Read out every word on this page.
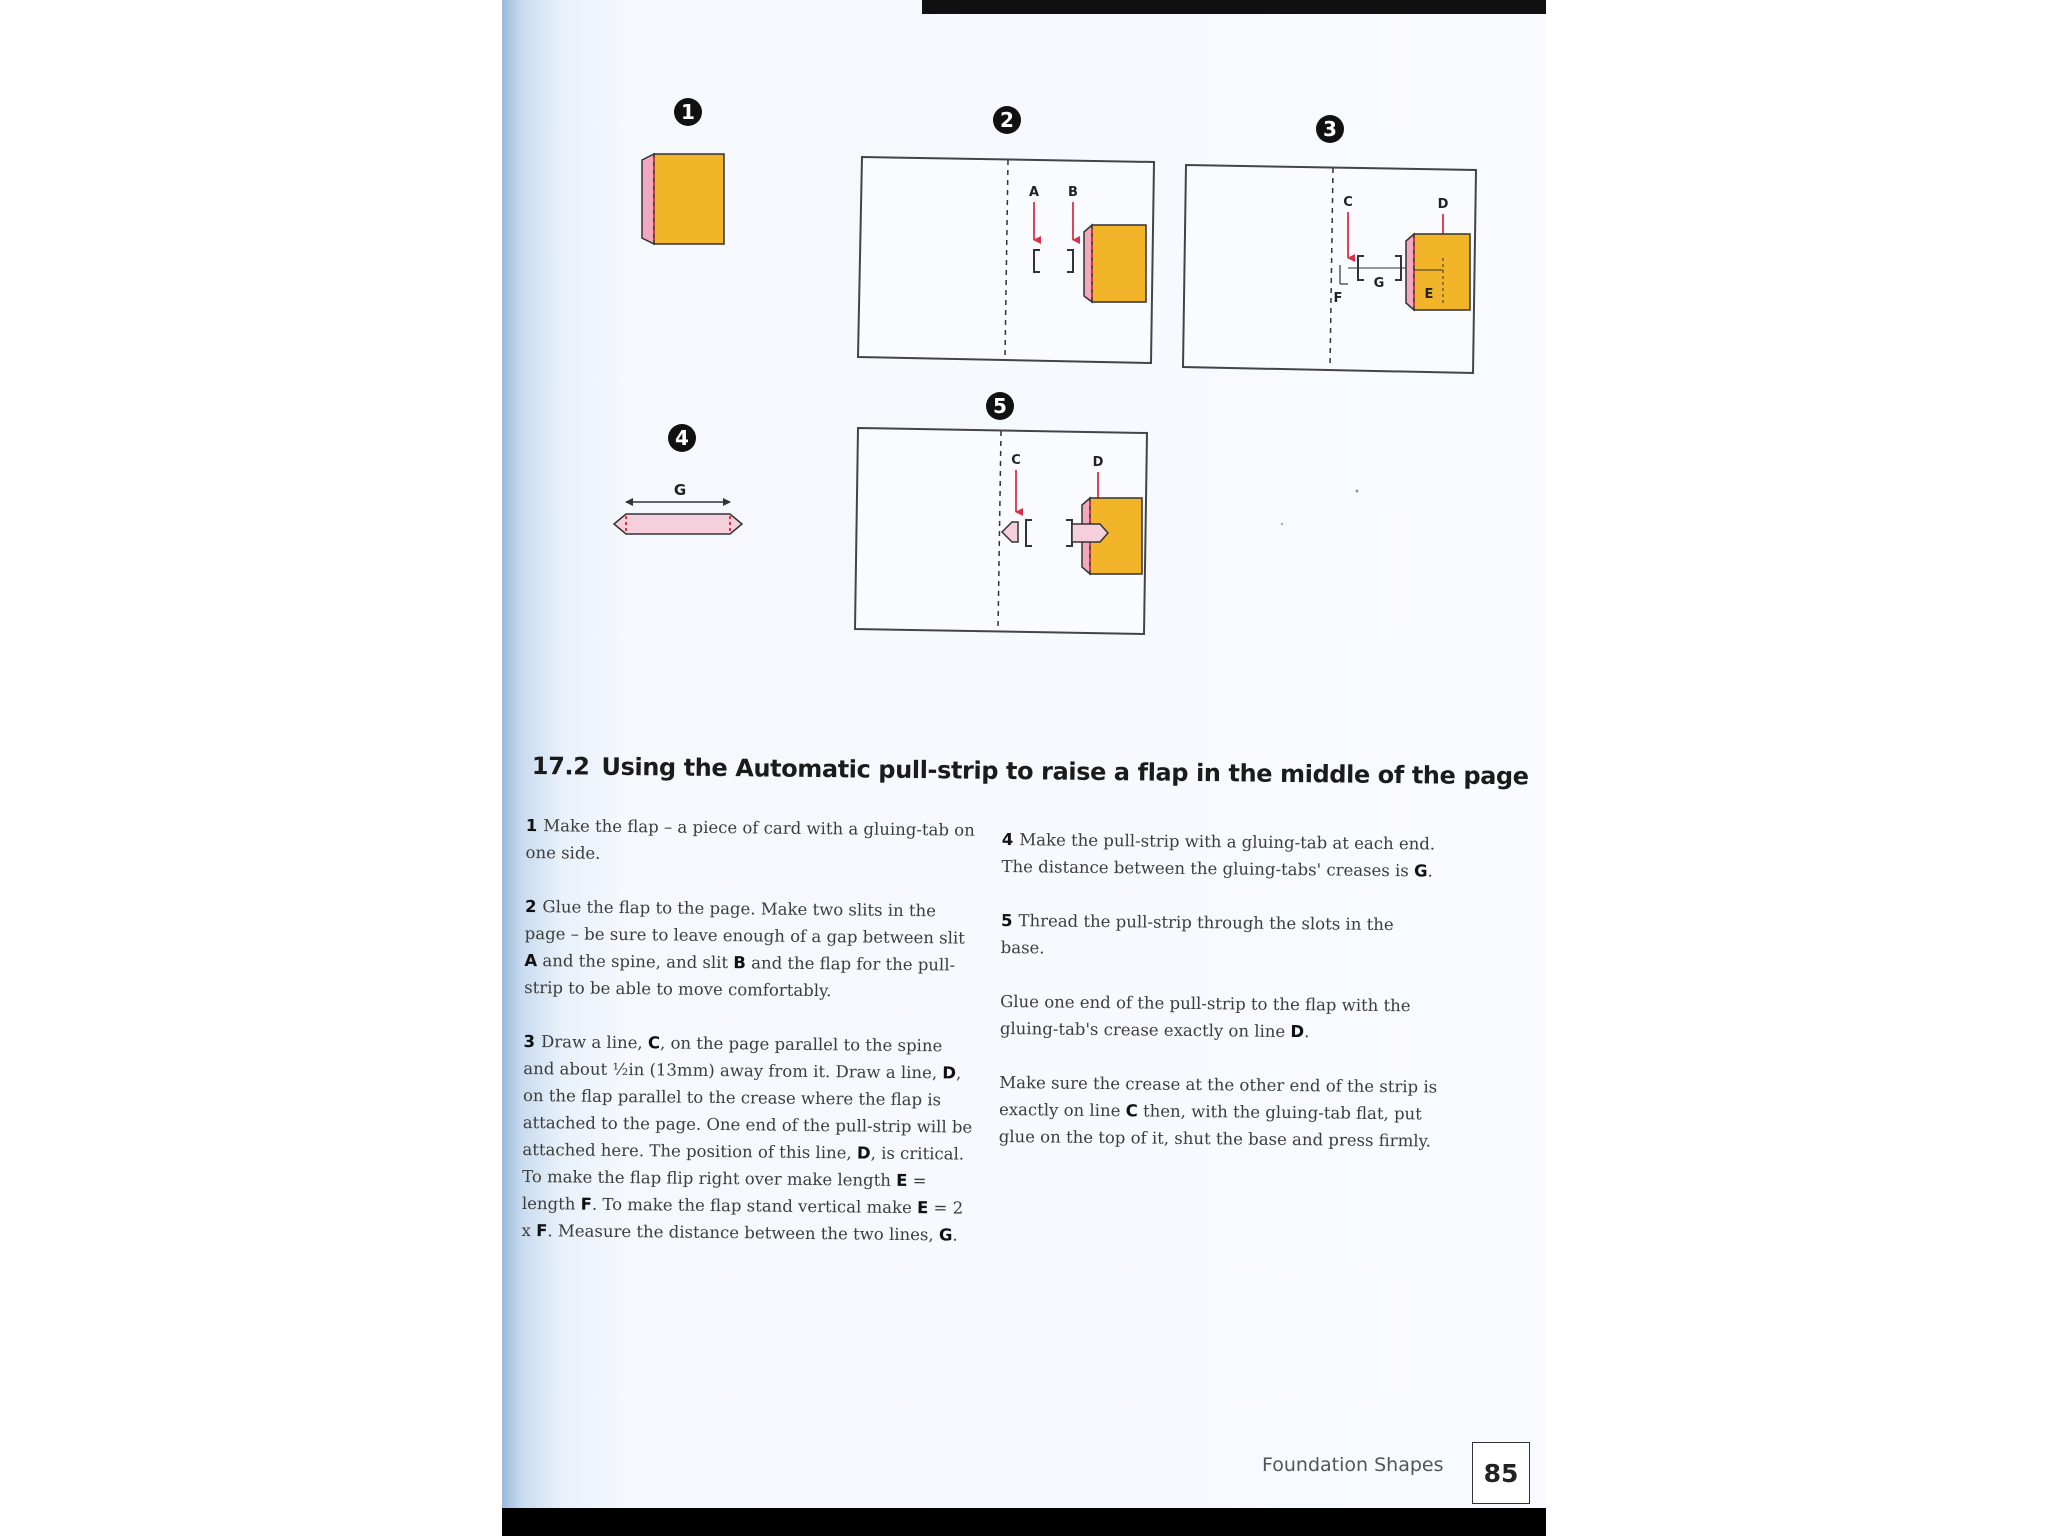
1	2
A B
3
C	D
F
G
E
4
G
5
C	D
17.2 Using the Automatic pull-strip to raise a flap in the middle of the page

1 Make the flap – a piece of card with a gluing-tab on one side.

2 Glue the flap to the page. Make two slits in the page – be sure to leave enough of a gap between slit A and the spine, and slit B and the flap for the pull-strip to be able to move comfortably.

3 Draw a line, C, on the page parallel to the spine and about ½in (13mm) away from it. Draw a line, D, on the flap parallel to the crease where the flap is attached to the page. One end of the pull-strip will be attached here. The position of this line, D, is critical. To make the flap flip right over make length E = length F. To make the flap stand vertical make E = 2 x F. Measure the distance between the two lines, G.

4 Make the pull-strip with a gluing-tab at each end. The distance between the gluing-tabs' creases is G.

5 Thread the pull-strip through the slots in the base.

Glue one end of the pull-strip to the flap with the gluing-tab's crease exactly on line D.

Make sure the crease at the other end of the strip is exactly on line C then, with the gluing-tab flat, put glue on the top of it, shut the base and press firmly.

Foundation Shapes	85
